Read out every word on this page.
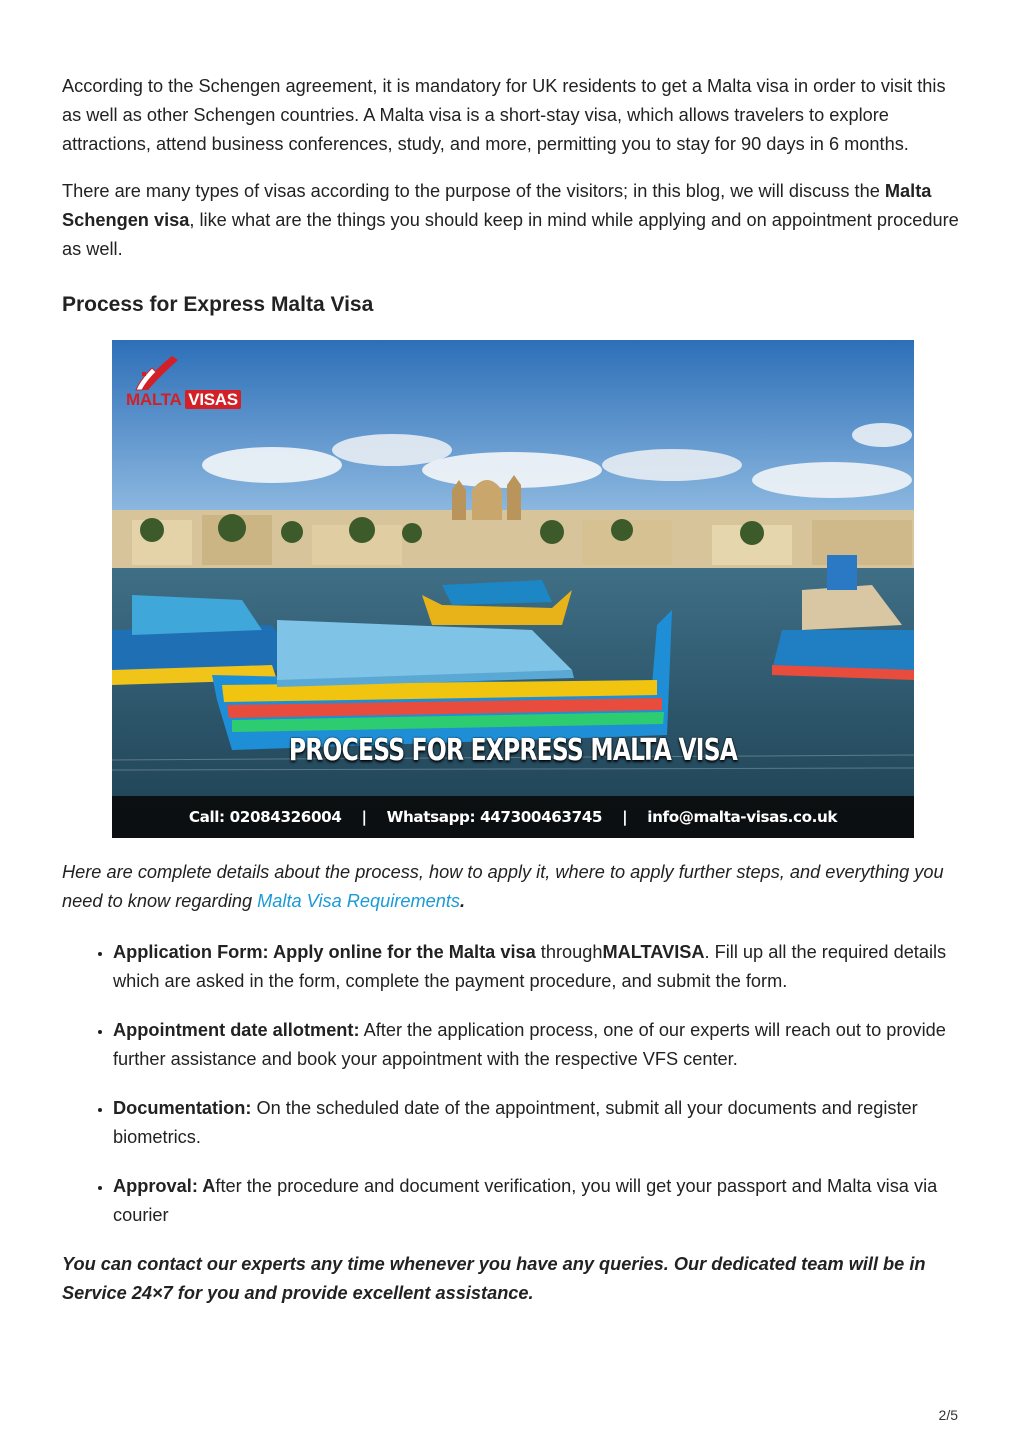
According to the Schengen agreement, it is mandatory for UK residents to get a Malta visa in order to visit this as well as other Schengen countries. A Malta visa is a short-stay visa, which allows travelers to explore attractions, attend business conferences, study, and more, permitting you to stay for 90 days in 6 months.

There are many types of visas according to the purpose of the visitors; in this blog, we will discuss the Malta Schengen visa, like what are the things you should keep in mind while applying and on appointment procedure as well.

Process for Express Malta Visa
MALTA VISAS
PROCESS FOR EXPRESS MALTA VISA
Call: 02084326004 | Whatsapp: 447300463745 | info@malta-visas.co.uk

Here are complete details about the process, how to apply it, where to apply further steps, and everything you need to know regarding Malta Visa Requirements.

• Application Form: Apply online for the Malta visa throughMALTAVISA. Fill up all the required details which are asked in the form, complete the payment procedure, and submit the form.
• Appointment date allotment: After the application process, one of our experts will reach out to provide further assistance and book your appointment with the respective VFS center.
• Documentation: On the scheduled date of the appointment, submit all your documents and register biometrics.
• Approval: After the procedure and document verification, you will get your passport and Malta visa via courier

You can contact our experts any time whenever you have any queries. Our dedicated team will be in Service 24×7 for you and provide excellent assistance.

2/5
